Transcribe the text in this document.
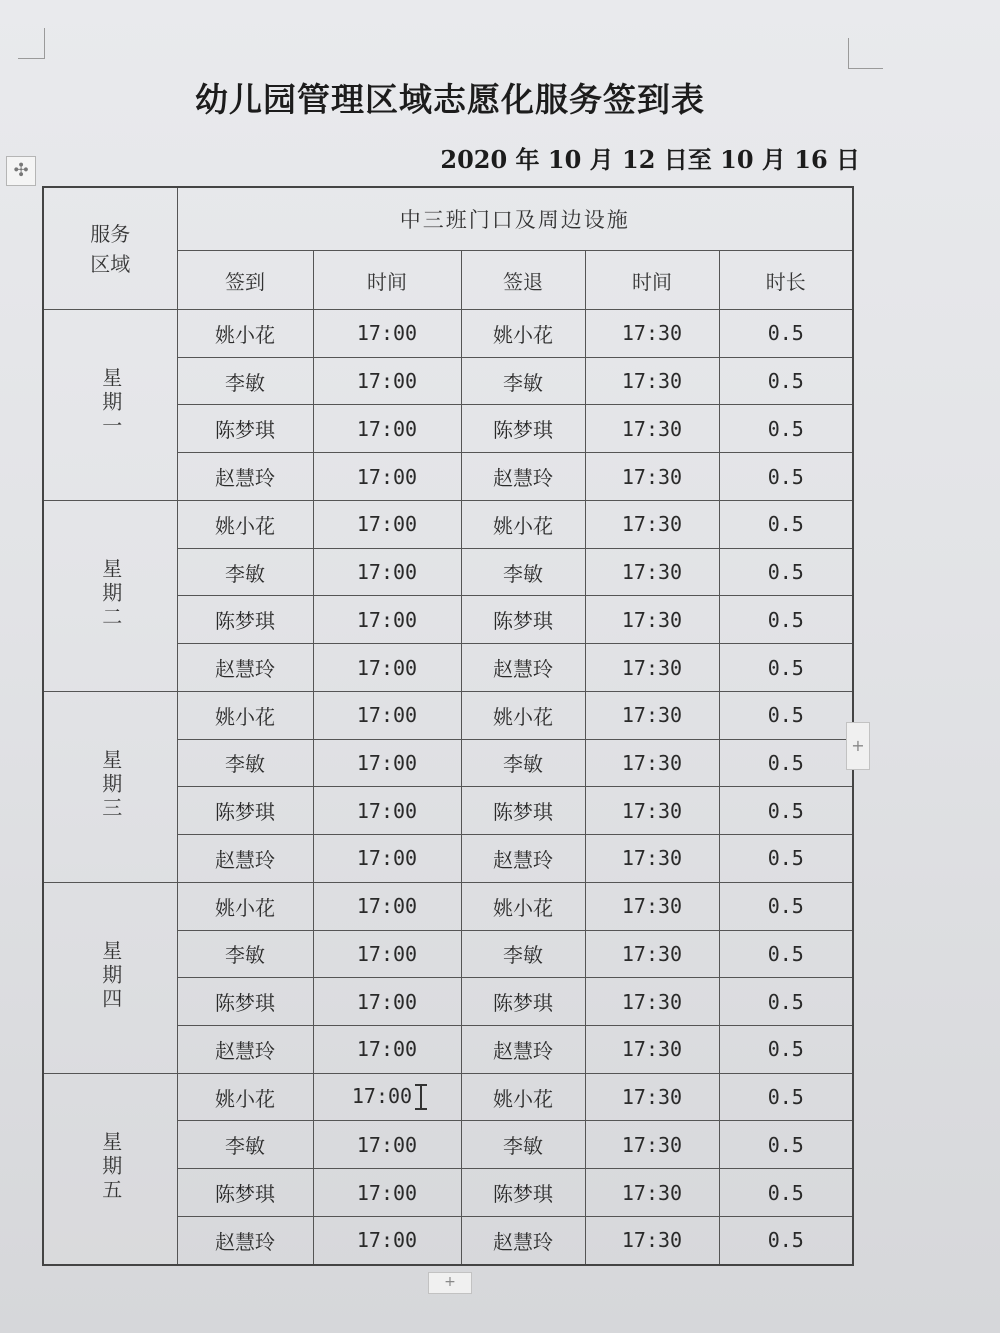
✣
幼儿园管理区域志愿化服务签到表
2020 年 10 月 12 日至 10 月 16 日
服务区域	中三班门口及周边设施				
	签到	时间	签退	时间	时长
星期一	姚小花	17:00	姚小花	17:30	0.5
	李敏	17:00	李敏	17:30	0.5
	陈梦琪	17:00	陈梦琪	17:30	0.5
	赵慧玲	17:00	赵慧玲	17:30	0.5
星期二	姚小花	17:00	姚小花	17:30	0.5
	李敏	17:00	李敏	17:30	0.5
	陈梦琪	17:00	陈梦琪	17:30	0.5
	赵慧玲	17:00	赵慧玲	17:30	0.5
星期三	姚小花	17:00	姚小花	17:30	0.5
	李敏	17:00	李敏	17:30	0.5
	陈梦琪	17:00	陈梦琪	17:30	0.5
	赵慧玲	17:00	赵慧玲	17:30	0.5
星期四	姚小花	17:00	姚小花	17:30	0.5
	李敏	17:00	李敏	17:30	0.5
	陈梦琪	17:00	陈梦琪	17:30	0.5
	赵慧玲	17:00	赵慧玲	17:30	0.5
星期五	姚小花	17:00	姚小花	17:30	0.5
	李敏	17:00	李敏	17:30	0.5
	陈梦琪	17:00	陈梦琪	17:30	0.5
	赵慧玲	17:00	赵慧玲	17:30	0.5
+
+
